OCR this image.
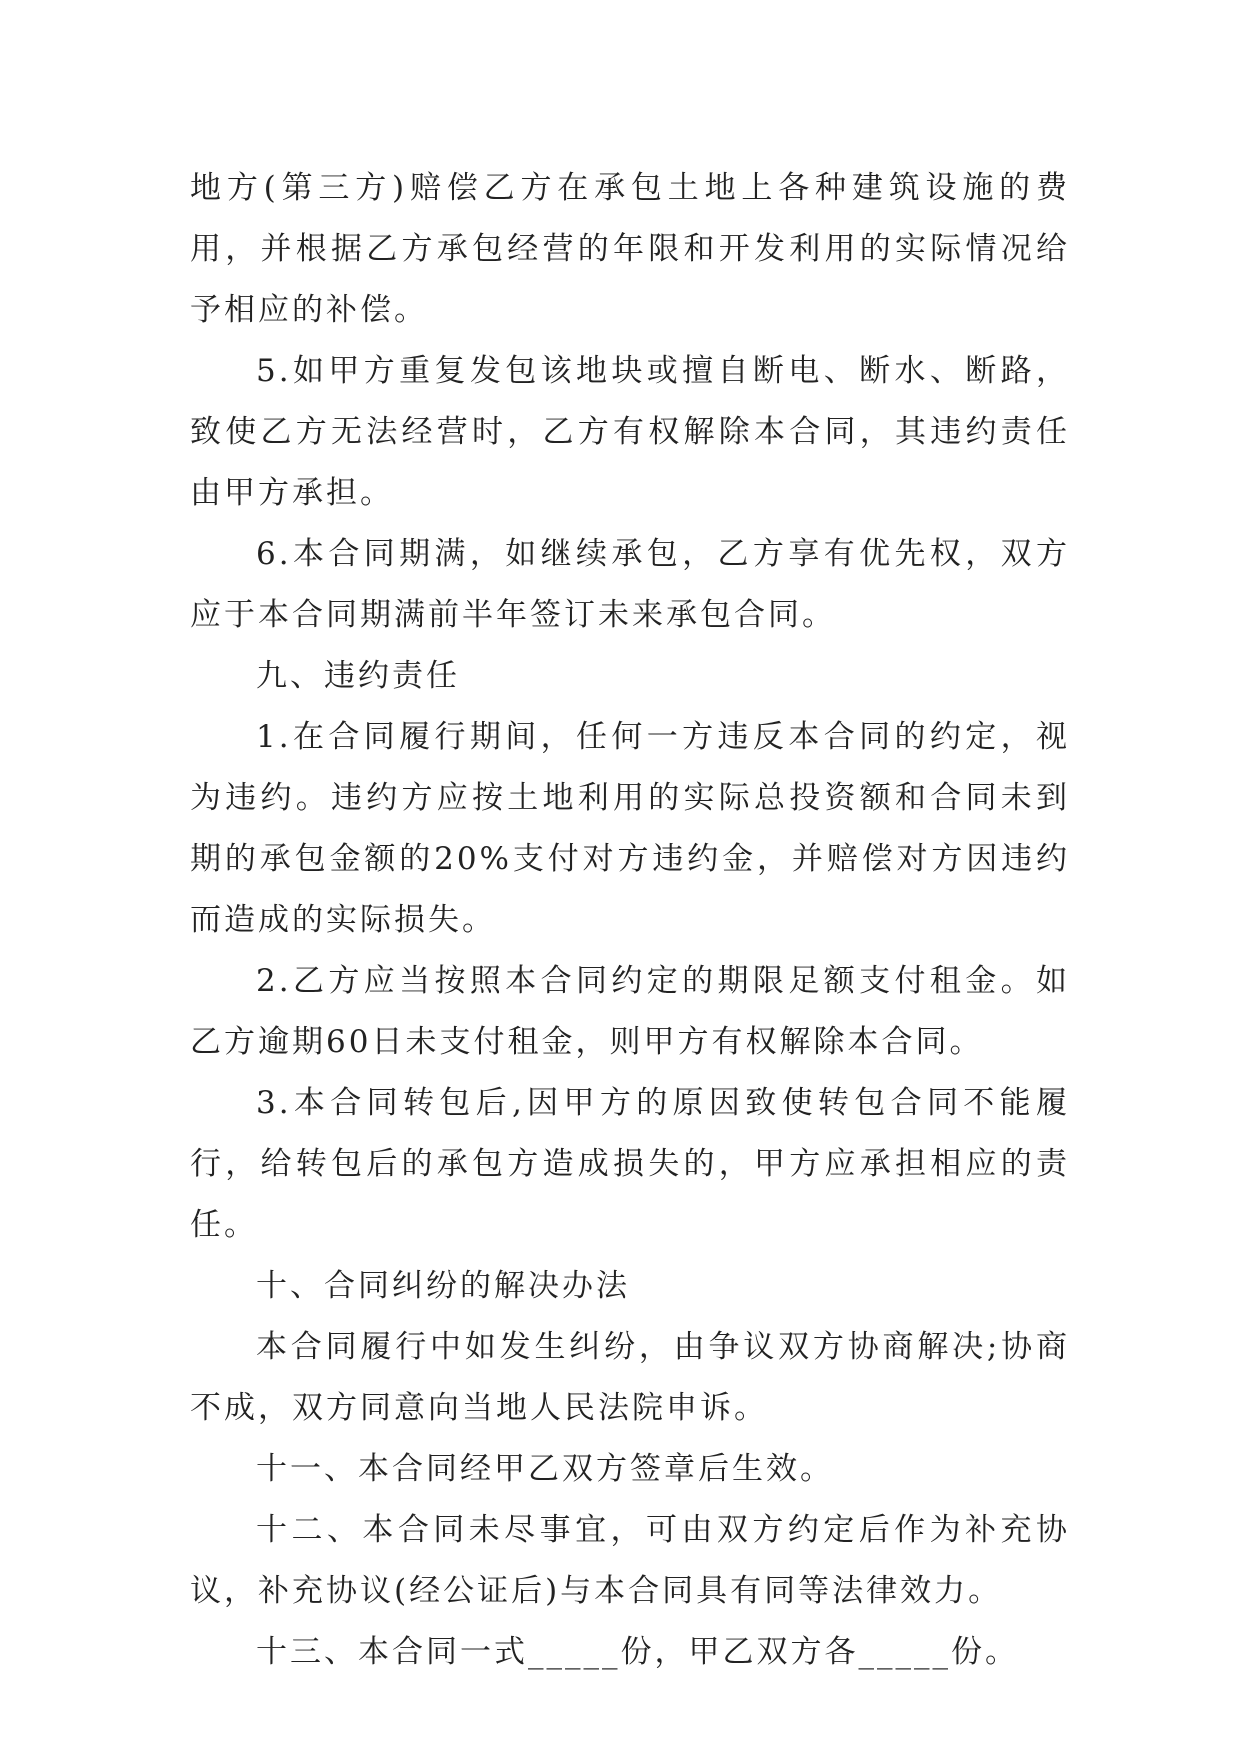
地方(第三方)赔偿乙方在承包土地上各种建筑设施的费用，并根据乙方承包经营的年限和开发利用的实际情况给予相应的补偿。

5.如甲方重复发包该地块或擅自断电、断水、断路，致使乙方无法经营时，乙方有权解除本合同，其违约责任由甲方承担。

6.本合同期满，如继续承包，乙方享有优先权，双方应于本合同期满前半年签订未来承包合同。

九、违约责任

1.在合同履行期间，任何一方违反本合同的约定，视为违约。违约方应按土地利用的实际总投资额和合同未到期的承包金额的20%支付对方违约金，并赔偿对方因违约而造成的实际损失。

2.乙方应当按照本合同约定的期限足额支付租金。如乙方逾期60日未支付租金，则甲方有权解除本合同。

3.本合同转包后,因甲方的原因致使转包合同不能履行，给转包后的承包方造成损失的，甲方应承担相应的责任。

十、合同纠纷的解决办法

本合同履行中如发生纠纷，由争议双方协商解决;协商不成，双方同意向当地人民法院申诉。

十一、本合同经甲乙双方签章后生效。

十二、本合同未尽事宜，可由双方约定后作为补充协议，补充协议(经公证后)与本合同具有同等法律效力。

十三、本合同一式_____份，甲乙双方各_____份。
